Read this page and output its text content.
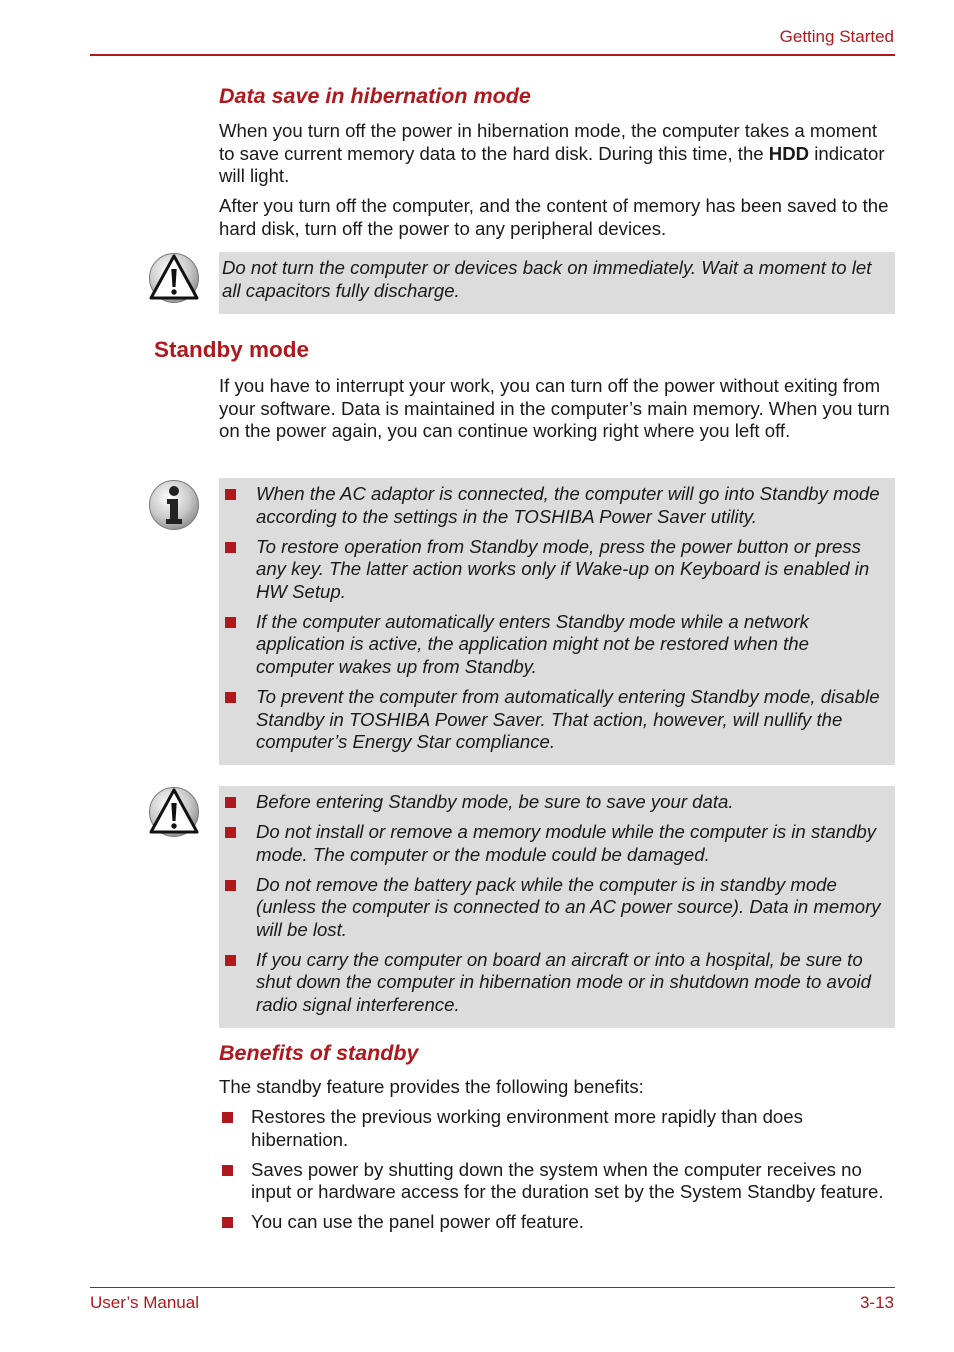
Getting Started
Data save in hibernation mode

When you turn off the power in hibernation mode, the computer takes a moment to save current memory data to the hard disk. During this time, the HDD indicator will light.

After you turn off the computer, and the content of memory has been saved to the hard disk, turn off the power to any peripheral devices.

Do not turn the computer or devices back on immediately. Wait a moment to let all capacitors fully discharge.
Standby mode

If you have to interrupt your work, you can turn off the power without exiting from your software. Data is maintained in the computer’s main memory. When you turn on the power again, you can continue working right where you left off.

When the AC adaptor is connected, the computer will go into Standby mode according to the settings in the TOSHIBA Power Saver utility.
To restore operation from Standby mode, press the power button or press any key. The latter action works only if Wake-up on Keyboard is enabled in HW Setup.
If the computer automatically enters Standby mode while a network application is active, the application might not be restored when the computer wakes up from Standby.
To prevent the computer from automatically entering Standby mode, disable Standby in TOSHIBA Power Saver. That action, however, will nullify the computer’s Energy Star compliance.
Before entering Standby mode, be sure to save your data.
Do not install or remove a memory module while the computer is in standby mode. The computer or the module could be damaged.
Do not remove the battery pack while the computer is in standby mode (unless the computer is connected to an AC power source). Data in memory will be lost.
If you carry the computer on board an aircraft or into a hospital, be sure to shut down the computer in hibernation mode or in shutdown mode to avoid radio signal interference.
Benefits of standby

The standby feature provides the following benefits:

Restores the previous working environment more rapidly than does hibernation.
Saves power by shutting down the system when the computer receives no input or hardware access for the duration set by the System Standby feature.
You can use the panel power off feature.
User’s Manual	3-13
